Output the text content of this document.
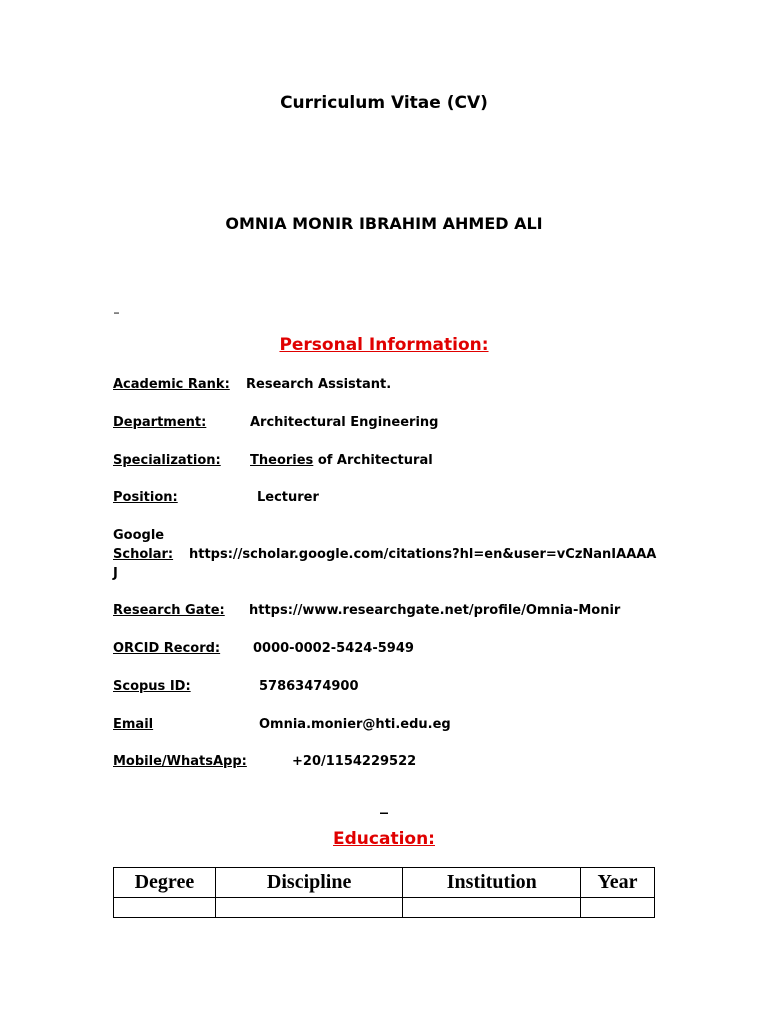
Curriculum Vitae (CV)
OMNIA MONIR IBRAHIM AHMED ALI
_
Personal Information:
Academic Rank: Research Assistant.
Department:	Architectural Engineering
Specialization: Theories of Architectural
Position:	Lecturer
Google
Scholar: https://scholar.google.com/citations?hl=en&user=vCzNanIAAAA
J
Research Gate: https://www.researchgate.net/profile/Omnia-Monir
ORCID Record:	0000-0002-5424-5949
Scopus ID:	57863474900
Email	Omnia.monier@hti.edu.eg
Mobile/WhatsApp:	+20/1154229522
_
Education:
Degree	Discipline	Institution	Year
